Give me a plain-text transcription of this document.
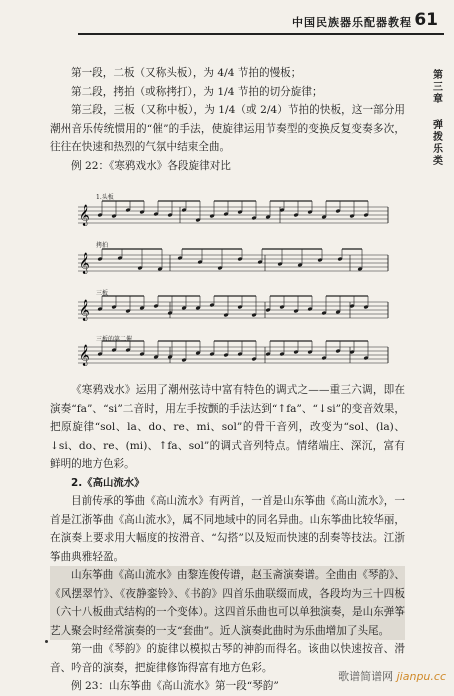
中国民族器乐配器教程 61
第
三
章
弹
拨
乐
类

第一段，二板（又称头板），为 4/4 节拍的慢板；

第二段，拷拍（或称拷打），为 1/4 节拍的切分旋律；

第三段，三板（又称中板），为 1/4（或 2/4）节拍的快板，这一部分用潮州音乐传统惯用的“催”的手法，使旋律运用节奏型的变换反复变奏多次，往往在快速和热烈的气氛中结束全曲。

例 22：《寒鸦戏水》各段旋律对比

𝄞
𝄞
𝄞
𝄞
1.头板
拷拍
三板
三板的第二催

《寒鸦戏水》运用了潮州弦诗中富有特色的调式之——重三六调，即在演奏“fa”、“si”二音时，用左手按颤的手法达到“↑fa”、“↓si”的变音效果，把原旋律“sol、la、do、re、mi、sol”的骨干音列，改变为“sol、(la)、↓si、do、re、(mi)、↑fa、sol”的调式音列特点。情绪端庄、深沉，富有鲜明的地方色彩。

2.《高山流水》

目前传承的筝曲《高山流水》有两首，一首是山东筝曲《高山流水》，一首是江浙筝曲《高山流水》，属不同地域中的同名异曲。山东筝曲比较华丽，在演奏上要求用大幅度的按滑音、“勾搭”以及短而快速的刮奏等技法。江浙筝曲典雅轻盈。

山东筝曲《高山流水》由黎连俊传谱，赵玉斋演奏谱。全曲由《琴韵》、《风摆翠竹》、《夜静銮铃》、《书韵》四首乐曲联缀而成，各段均为三十四板（六十八板曲式结构的一个变体）。这四首乐曲也可以单独演奏，是山东弹筝艺人聚会时经常演奏的一支“套曲”。近人演奏此曲时为乐曲增加了头尾。

第一曲《琴韵》的旋律以模拟古琴的神韵而得名。该曲以快速按音、滑音、吟音的演奏，把旋律修饰得富有地方色彩。

例 23：山东筝曲《高山流水》第一段“琴韵”

歌谱简谱网 jianpu.cc
